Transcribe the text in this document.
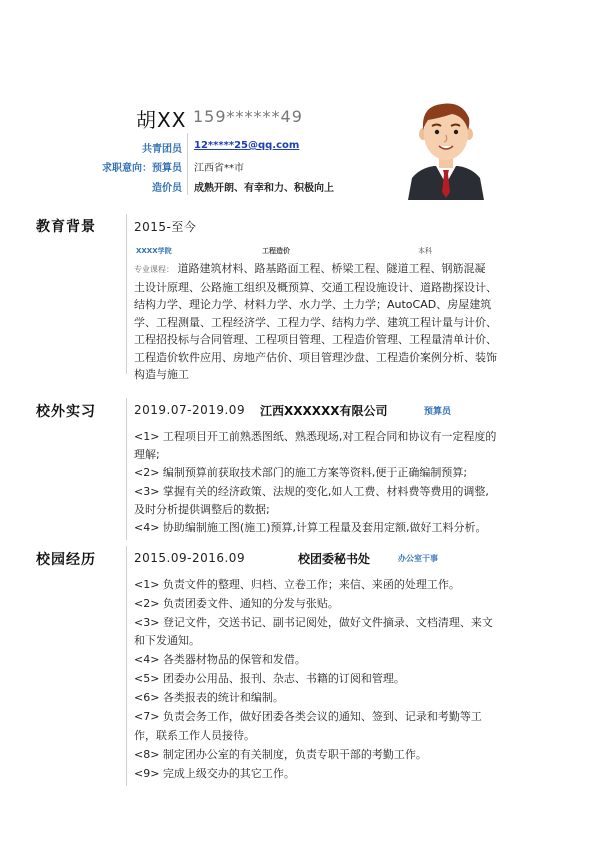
胡XX 159******49
共青团员 12*****25@qq.com
求职意向：预算员 江西省**市
造价员 成熟开朗、有幸和力、积极向上
教育背景	2015-至今
XXXX学院	工程造价	本科
专业课程： 道路建筑材料、路基路面工程、桥梁工程、隧道工程、钢筋混凝
土设计原理、公路施工组织及概预算、交通工程设施设计、道路勘探设计、
结构力学、理论力学、材料力学、水力学、土力学；AutoCAD、房屋建筑
学、工程测量、工程经济学、工程力学、结构力学、建筑工程计量与计价、
工程招投标与合同管理、工程项目管理、工程造价管理、工程量清单计价、
工程造价软件应用、房地产估价、项目管理沙盘、工程造价案例分析、装饰
构造与施工
校外实习	2019.07-2019.09 江西XXXXXX有限公司	预算员
<1> 工程项目开工前熟悉图纸、熟悉现场,对工程合同和协议有一定程度的
理解;
<2> 编制预算前获取技术部门的施工方案等资料,便于正确编制预算;
<3> 掌握有关的经济政策、法规的变化,如人工费、材料费等费用的调整,
及时分析提供调整后的数据;
<4> 协助编制施工图(施工)预算,计算工程量及套用定额,做好工料分析。
校园经历	2015.09-2016.09	校团委秘书处	办公室干事
<1> 负责文件的整理、归档、立卷工作；来信、来函的处理工作。
<2> 负责团委文件、通知的分发与张贴。
<3> 登记文件，交送书记、副书记阅处，做好文件摘录、文档清理、来文
和下发通知。
<4> 各类器材物品的保管和发借。
<5> 团委办公用品、报刊、杂志、书籍的订阅和管理。
<6> 各类报表的统计和编制。
<7> 负责会务工作，做好团委各类会议的通知、签到、记录和考勤等工
作，联系工作人员接待。
<8> 制定团办公室的有关制度，负责专职干部的考勤工作。
<9> 完成上级交办的其它工作。
